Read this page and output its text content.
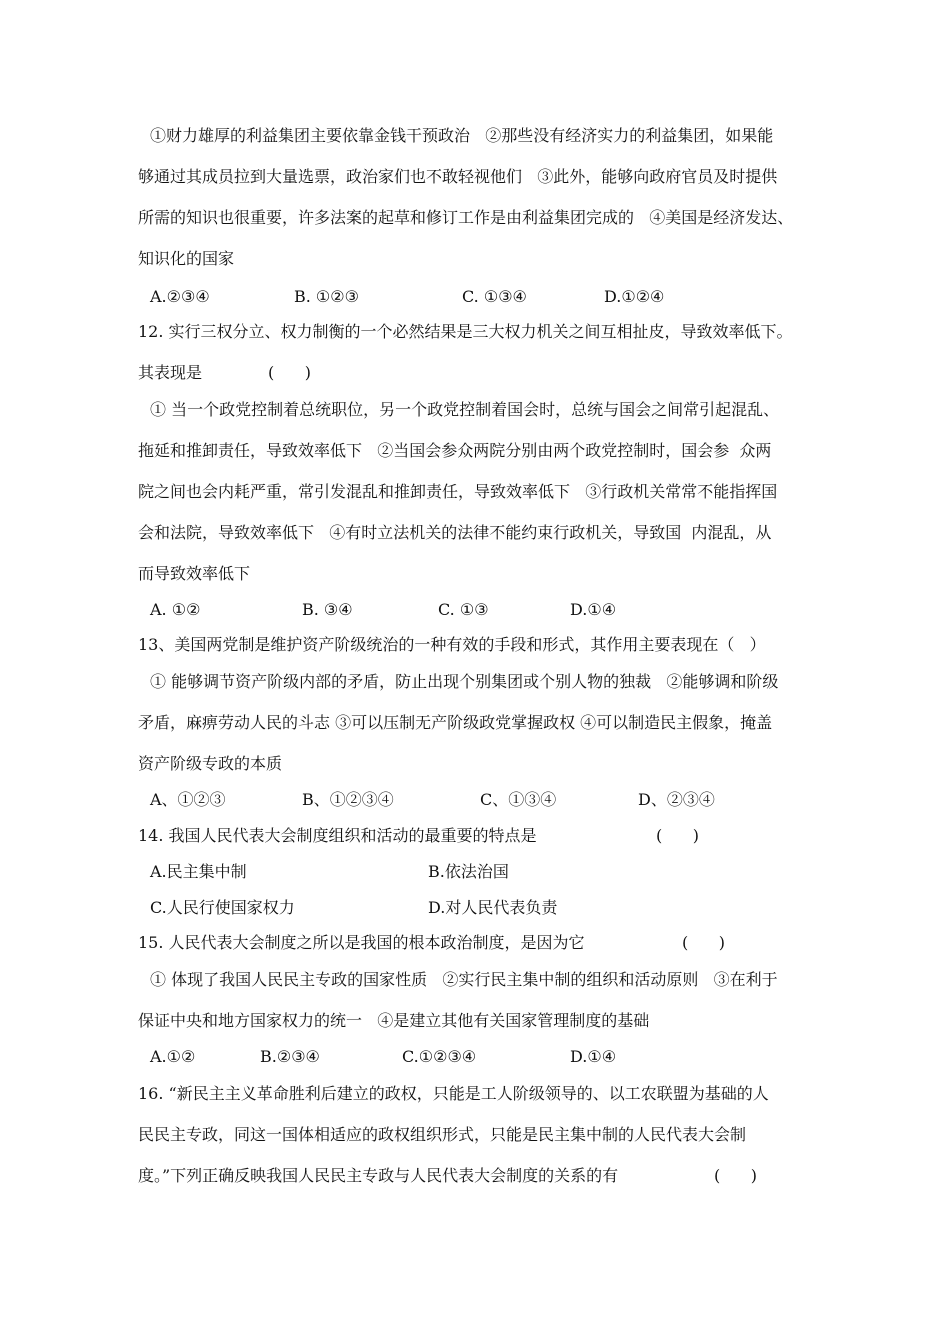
①财力雄厚的利益集团主要依靠金钱干预政治   ②那些没有经济实力的利益集团，如果能
够通过其成员拉到大量选票，政治家们也不敢轻视他们   ③此外，能够向政府官员及时提供
所需的知识也很重要，许多法案的起草和修订工作是由利益集团完成的   ④美国是经济发达、
知识化的国家
A.②③④	B. ①②③	C. ①③④	D.①②④
12. 实行三权分立、权力制衡的一个必然结果是三大权力机关之间互相扯皮，导致效率低下。
其表现是	(      )
① 当一个政党控制着总统职位，另一个政党控制着国会时，总统与国会之间常引起混乱、
拖延和推卸责任，导致效率低下   ②当国会参众两院分别由两个政党控制时，国会参  众两
院之间也会内耗严重，常引发混乱和推卸责任，导致效率低下   ③行政机关常常不能指挥国
会和法院，导致效率低下   ④有时立法机关的法律不能约束行政机关，导致国  内混乱，从
而导致效率低下
A. ①②	B. ③④	C. ①③	D.①④
13、美国两党制是维护资产阶级统治的一种有效的手段和形式，其作用主要表现在（   ）
① 能够调节资产阶级内部的矛盾，防止出现个别集团或个别人物的独裁   ②能够调和阶级
矛盾，麻痹劳动人民的斗志 ③可以压制无产阶级政党掌握政权 ④可以制造民主假象，掩盖
资产阶级专政的本质
A、①②③	B、①②③④	C、①③④	D、②③④
14. 我国人民代表大会制度组织和活动的最重要的特点是	(      )
A.民主集中制	B.依法治国
C.人民行使国家权力	D.对人民代表负责
15. 人民代表大会制度之所以是我国的根本政治制度，是因为它	(      )
① 体现了我国人民民主专政的国家性质   ②实行民主集中制的组织和活动原则   ③在利于
保证中央和地方国家权力的统一   ④是建立其他有关国家管理制度的基础
A.①②	B.②③④	C.①②③④	D.①④
16. “新民主主义革命胜利后建立的政权，只能是工人阶级领导的、以工农联盟为基础的人
民民主专政，同这一国体相适应的政权组织形式，只能是民主集中制的人民代表大会制
度。”下列正确反映我国人民民主专政与人民代表大会制度的关系的有	(      )
